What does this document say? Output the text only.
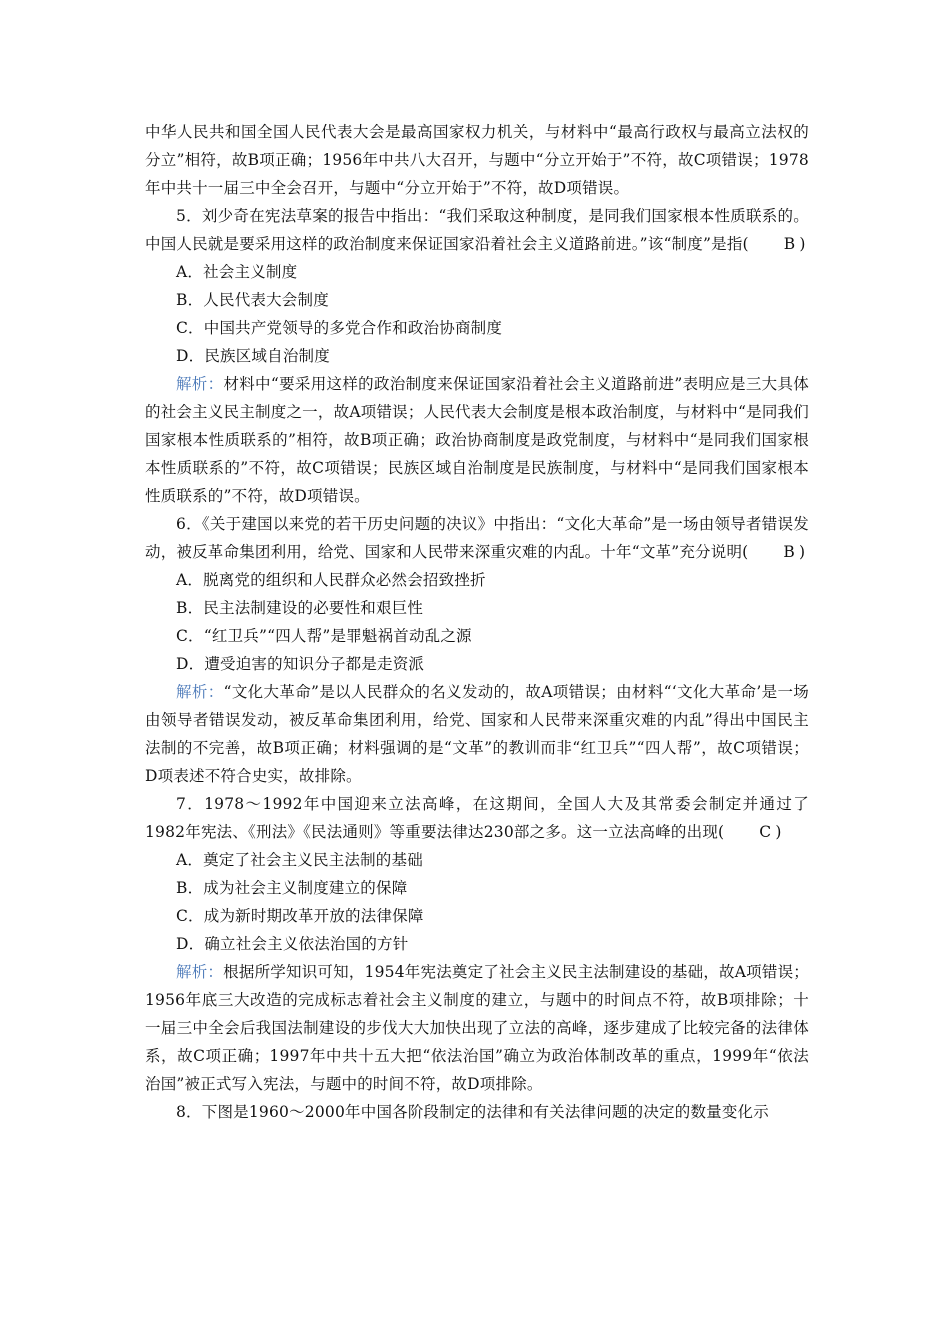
中华人民共和国全国人民代表大会是最高国家权力机关，与材料中“最高行政权与最高立法权的分立”相符，故B项正确；1956年中共八大召开，与题中“分立开始于”不符，故C项错误；1978年中共十一届三中全会召开，与题中“分立开始于”不符，故D项错误。

5．刘少奇在宪法草案的报告中指出：“我们采取这种制度，是同我们国家根本性质联系的。中国人民就是要采用这样的政治制度来保证国家沿着社会主义道路前进。”该“制度”是指( B )

A．社会主义制度

B．人民代表大会制度

C．中国共产党领导的多党合作和政治协商制度

D．民族区域自治制度

解析：材料中“要采用这样的政治制度来保证国家沿着社会主义道路前进”表明应是三大具体的社会主义民主制度之一，故A项错误；人民代表大会制度是根本政治制度，与材料中“是同我们国家根本性质联系的”相符，故B项正确；政治协商制度是政党制度，与材料中“是同我们国家根本性质联系的”不符，故C项错误；民族区域自治制度是民族制度，与材料中“是同我们国家根本性质联系的”不符，故D项错误。

6．《关于建国以来党的若干历史问题的决议》中指出：“文化大革命”是一场由领导者错误发动，被反革命集团利用，给党、国家和人民带来深重灾难的内乱。十年“文革”充分说明( B )

A．脱离党的组织和人民群众必然会招致挫折

B．民主法制建设的必要性和艰巨性

C．“红卫兵”“四人帮”是罪魁祸首动乱之源

D．遭受迫害的知识分子都是走资派

解析：“文化大革命”是以人民群众的名义发动的，故A项错误；由材料“‘文化大革命’是一场由领导者错误发动，被反革命集团利用，给党、国家和人民带来深重灾难的内乱”得出中国民主法制的不完善，故B项正确；材料强调的是“文革”的教训而非“红卫兵”“四人帮”，故C项错误；D项表述不符合史实，故排除。

7．1978～1992年中国迎来立法高峰，在这期间，全国人大及其常委会制定并通过了1982年宪法、《刑法》《民法通则》等重要法律达230部之多。这一立法高峰的出现( C )

A．奠定了社会主义民主法制的基础

B．成为社会主义制度建立的保障

C．成为新时期改革开放的法律保障

D．确立社会主义依法治国的方针

解析：根据所学知识可知，1954年宪法奠定了社会主义民主法制建设的基础，故A项错误；1956年底三大改造的完成标志着社会主义制度的建立，与题中的时间点不符，故B项排除；十一届三中全会后我国法制建设的步伐大大加快出现了立法的高峰，逐步建成了比较完备的法律体系，故C项正确；1997年中共十五大把“依法治国”确立为政治体制改革的重点，1999年“依法治国”被正式写入宪法，与题中的时间不符，故D项排除。

8．下图是1960～2000年中国各阶段制定的法律和有关法律问题的决定的数量变化示
